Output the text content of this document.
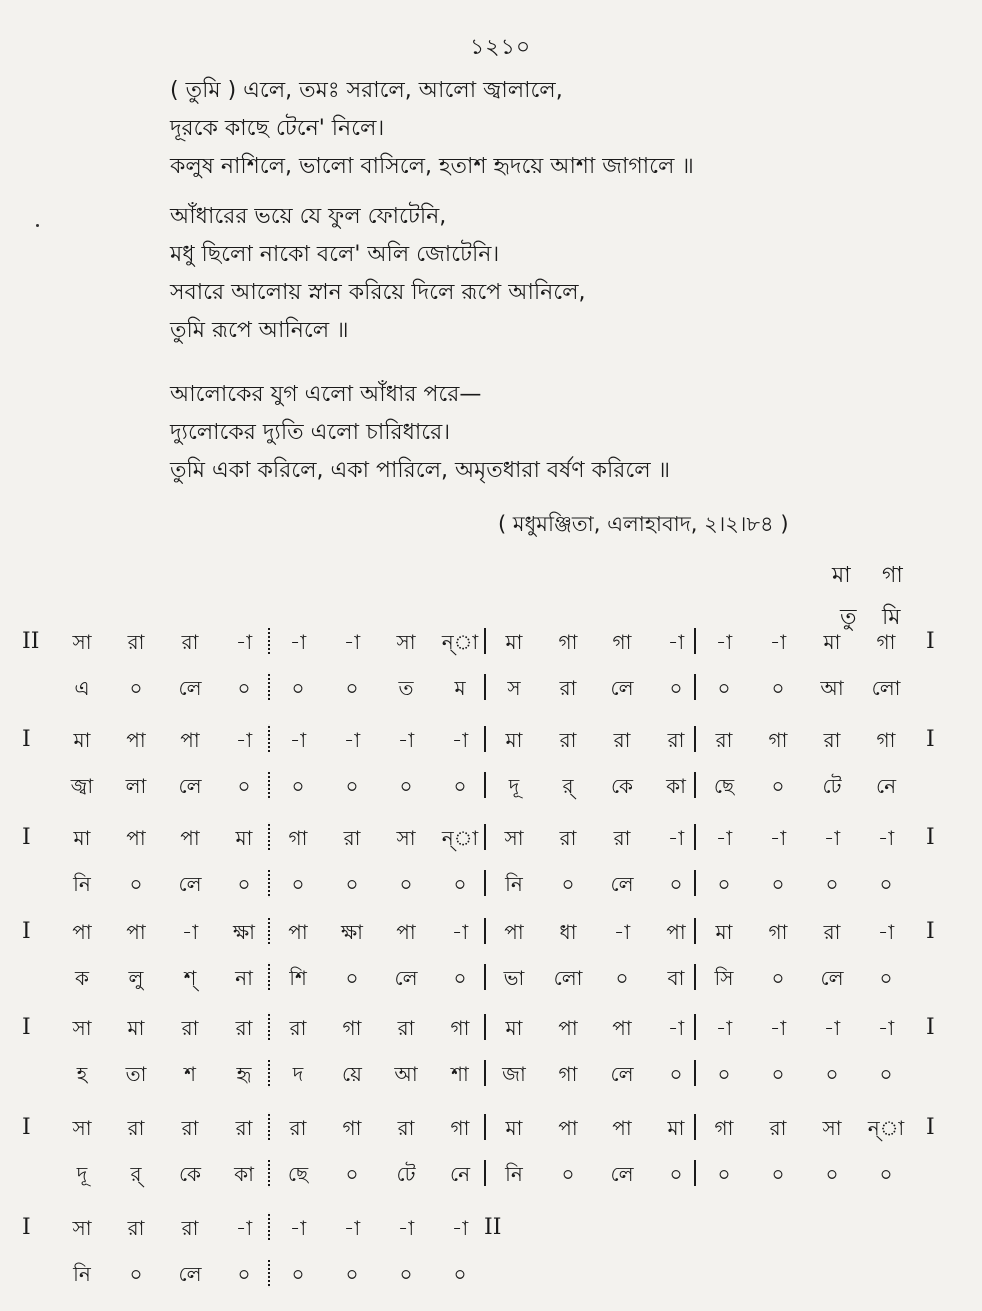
১২১০
( তুমি ) এলে, তমঃ সরালে, আলো জ্বালালে,
দূরকে কাছে টেনে' নিলে।
কলুষ নাশিলে, ভালো বাসিলে, হতাশ হৃদয়ে আশা জাগালে ॥
আঁধারের ভয়ে যে ফুল ফোটেনি,
মধু ছিলো নাকো বলে' অলি জোটেনি।
সবারে আলোয় স্নান করিয়ে দিলে রূপে আনিলে,
তুমি রূপে আনিলে ॥
আলোকের যুগ এলো আঁধার পরে—
দ্যুলোকের দ্যুতি এলো চারিধারে।
তুমি একা করিলে, একা পারিলে, অমৃতধারা বর্ষণ করিলে ॥
( মধুমঞ্জিতা, এলাহাবাদ, ২।২।৮৪ )
মা গা
তু মি
সা	রা	রা	-া	-া	-া	সা	ন্‌া	মা	গা	গা	-া	-া	-া	মা	গা
II	I
এ	০	লে	০	০	০	ত	ম	স	রা	লে	০	০	০	আ	লো
মা	পা	পা	-া	-া	-া	-া	-া	মা	রা	রা	রা	রা	গা	রা	গা
I	I
জ্বা	লা	লে	০	০	০	০	০	দূ	র্	কে	কা	ছে	০	টে	নে
মা	পা	পা	মা	গা	রা	সা	ন্‌া	সা	রা	রা	-া	-া	-া	-া	-া
I	I
নি	০	লে	০	০	০	০	০	নি	০	লে	০	০	০	০	০
পা	পা	-া	ক্ষা	পা	ক্ষা	পা	-া	পা	ধা	-া	পা	মা	গা	রা	-া
I	I
ক	লু	শ্	না	শি	০	লে	০	ভা	লো	০	বা	সি	০	লে	০
সা	মা	রা	রা	রা	গা	রা	গা	মা	পা	পা	-া	-া	-া	-া	-া
I	I
হ	তা	শ	হৃ	দ	য়ে	আ	শা	জা	গা	লে	০	০	০	০	০
সা	রা	রা	রা	রা	গা	রা	গা	মা	পা	পা	মা	গা	রা	সা	ন্‌া
I	I
দূ	র্	কে	কা	ছে	০	টে	নে	নি	০	লে	০	০	০	০	০
সা	রা	রা	-া	-া	-া	-া	-া
I	II
নি	০	লে	০	০	০	০	০
